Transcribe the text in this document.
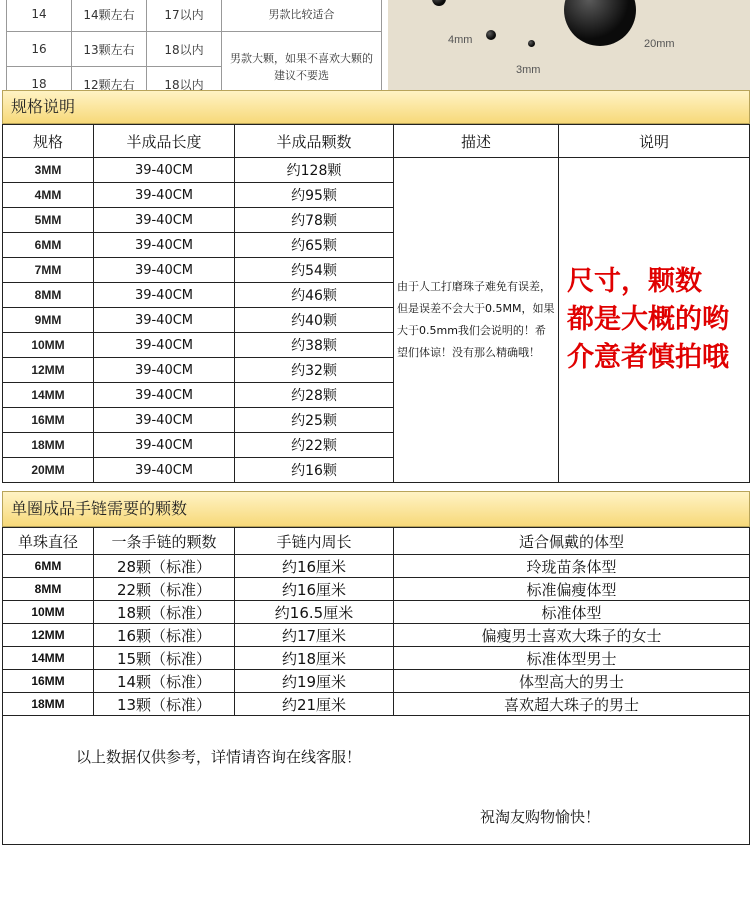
14	14颗左右	17以内	男款比较适合
16	13颗左右	18以内	男款大颗，如果不喜欢大颗的建议不要选
18	12颗左右	18以内	
4mm
3mm
20mm
规格说明
规格	半成品长度	半成品颗数	描述	说明
3MM	39-40CM	约128颗	由于人工打磨珠子难免有误差，但是误差不会大于0.5MM，如果大于0.5mm我们会说明的！希望们体谅！没有那么精确哦！	尺寸，颗数
都是大概的哟
介意者慎拍哦

4MM	39-40CM	约95颗		
5MM	39-40CM	约78颗		
6MM	39-40CM	约65颗		
7MM	39-40CM	约54颗		
8MM	39-40CM	约46颗		
9MM	39-40CM	约40颗		
10MM	39-40CM	约38颗		
12MM	39-40CM	约32颗		
14MM	39-40CM	约28颗		
16MM	39-40CM	约25颗		
18MM	39-40CM	约22颗		
20MM	39-40CM	约16颗		
单圈成品手链需要的颗数
单珠直径	一条手链的颗数	手链内周长	适合佩戴的体型
6MM	28颗（标准）	约16厘米	玲珑苗条体型
8MM	22颗（标准）	约16厘米	标准偏瘦体型
10MM	18颗（标准）	约16.5厘米	标准体型
12MM	16颗（标准）	约17厘米	偏瘦男士喜欢大珠子的女士
14MM	15颗（标准）	约18厘米	标准体型男士
16MM	14颗（标准）	约19厘米	体型高大的男士
18MM	13颗（标准）	约21厘米	喜欢超大珠子的男士
以上数据仅供参考，详情请咨询在线客服！
祝淘友购物愉快！
